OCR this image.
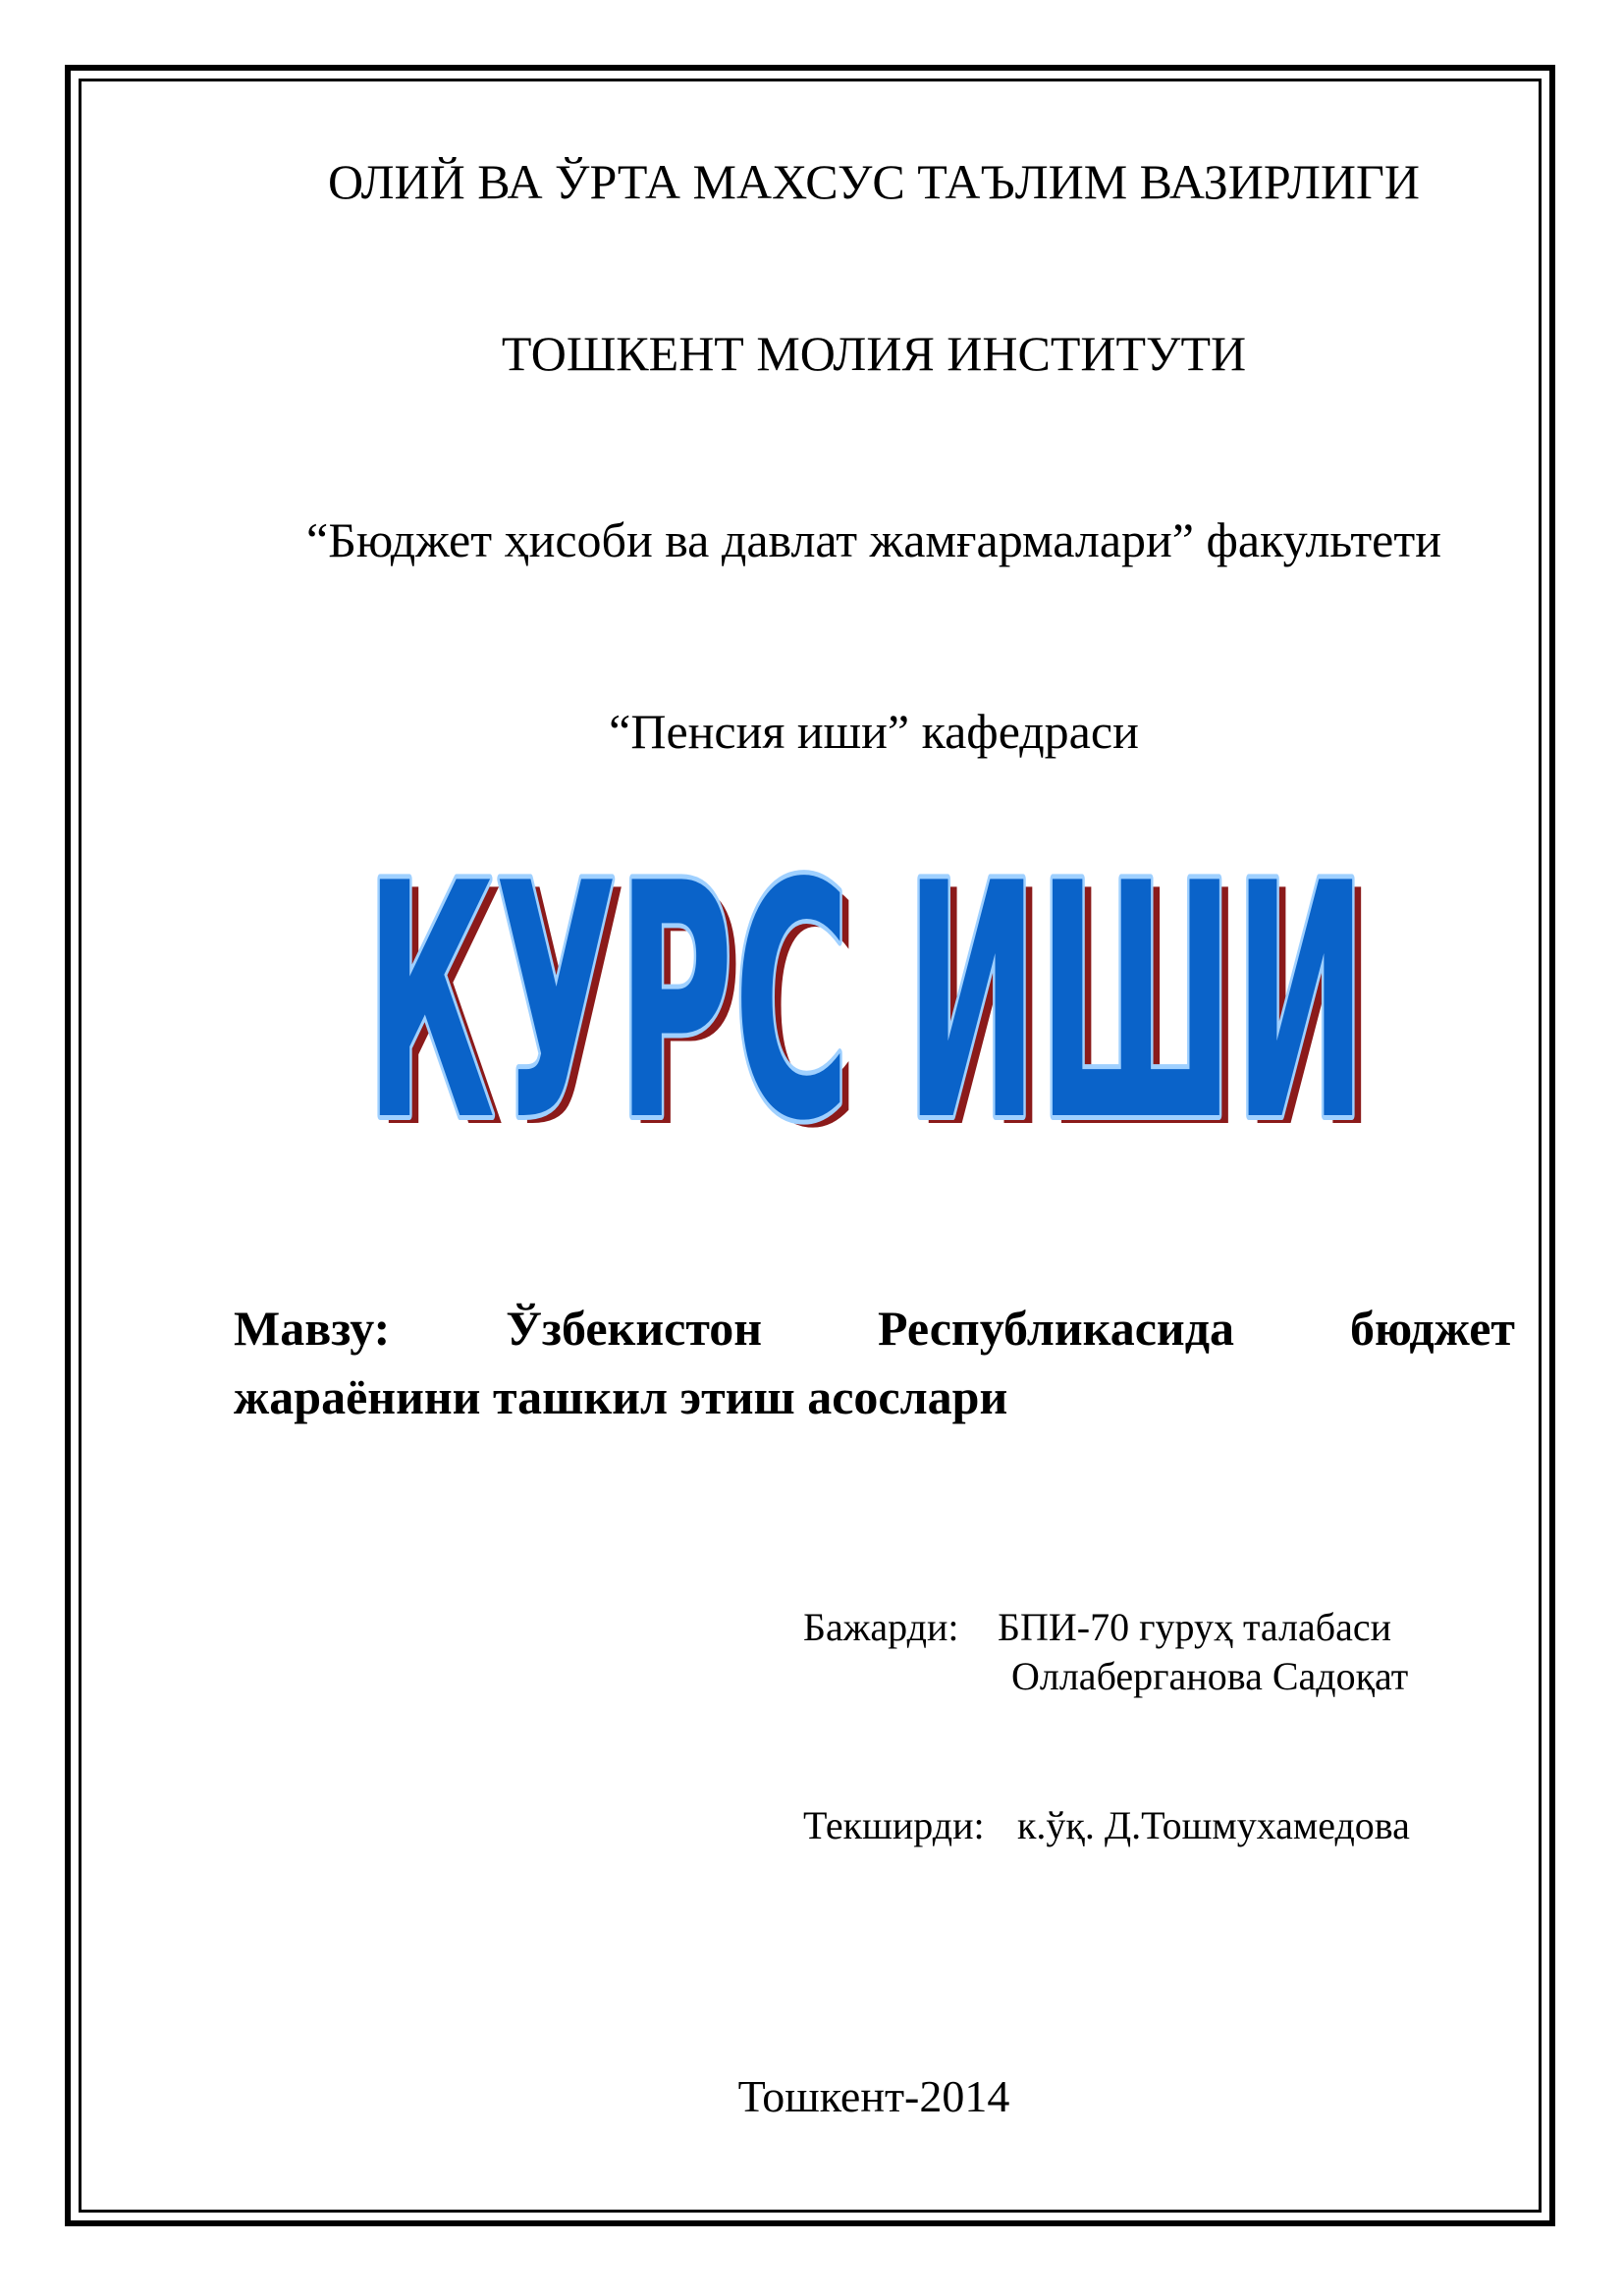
ОЛИЙ ВА ЎРТА МАХСУС ТАЪЛИМ ВАЗИРЛИГИ
ТОШКЕНТ МОЛИЯ ИНСТИТУТИ
“Бюджет ҳисоби ва давлат жамғармалари” факультети
“Пенсия иши” кафедраси
КУРС ИШИ
КУРС ИШИ
КУРС ИШИ
Мавзу: Ўзбекистон Республикасида бюджет
жараёнини ташкил этиш асослари
Бажарди: БПИ-70 гуруҳ талабаси
Оллаберганова Садоқат
Текширди: к.ўқ. Д.Тошмухамедова
Тошкент-2014
